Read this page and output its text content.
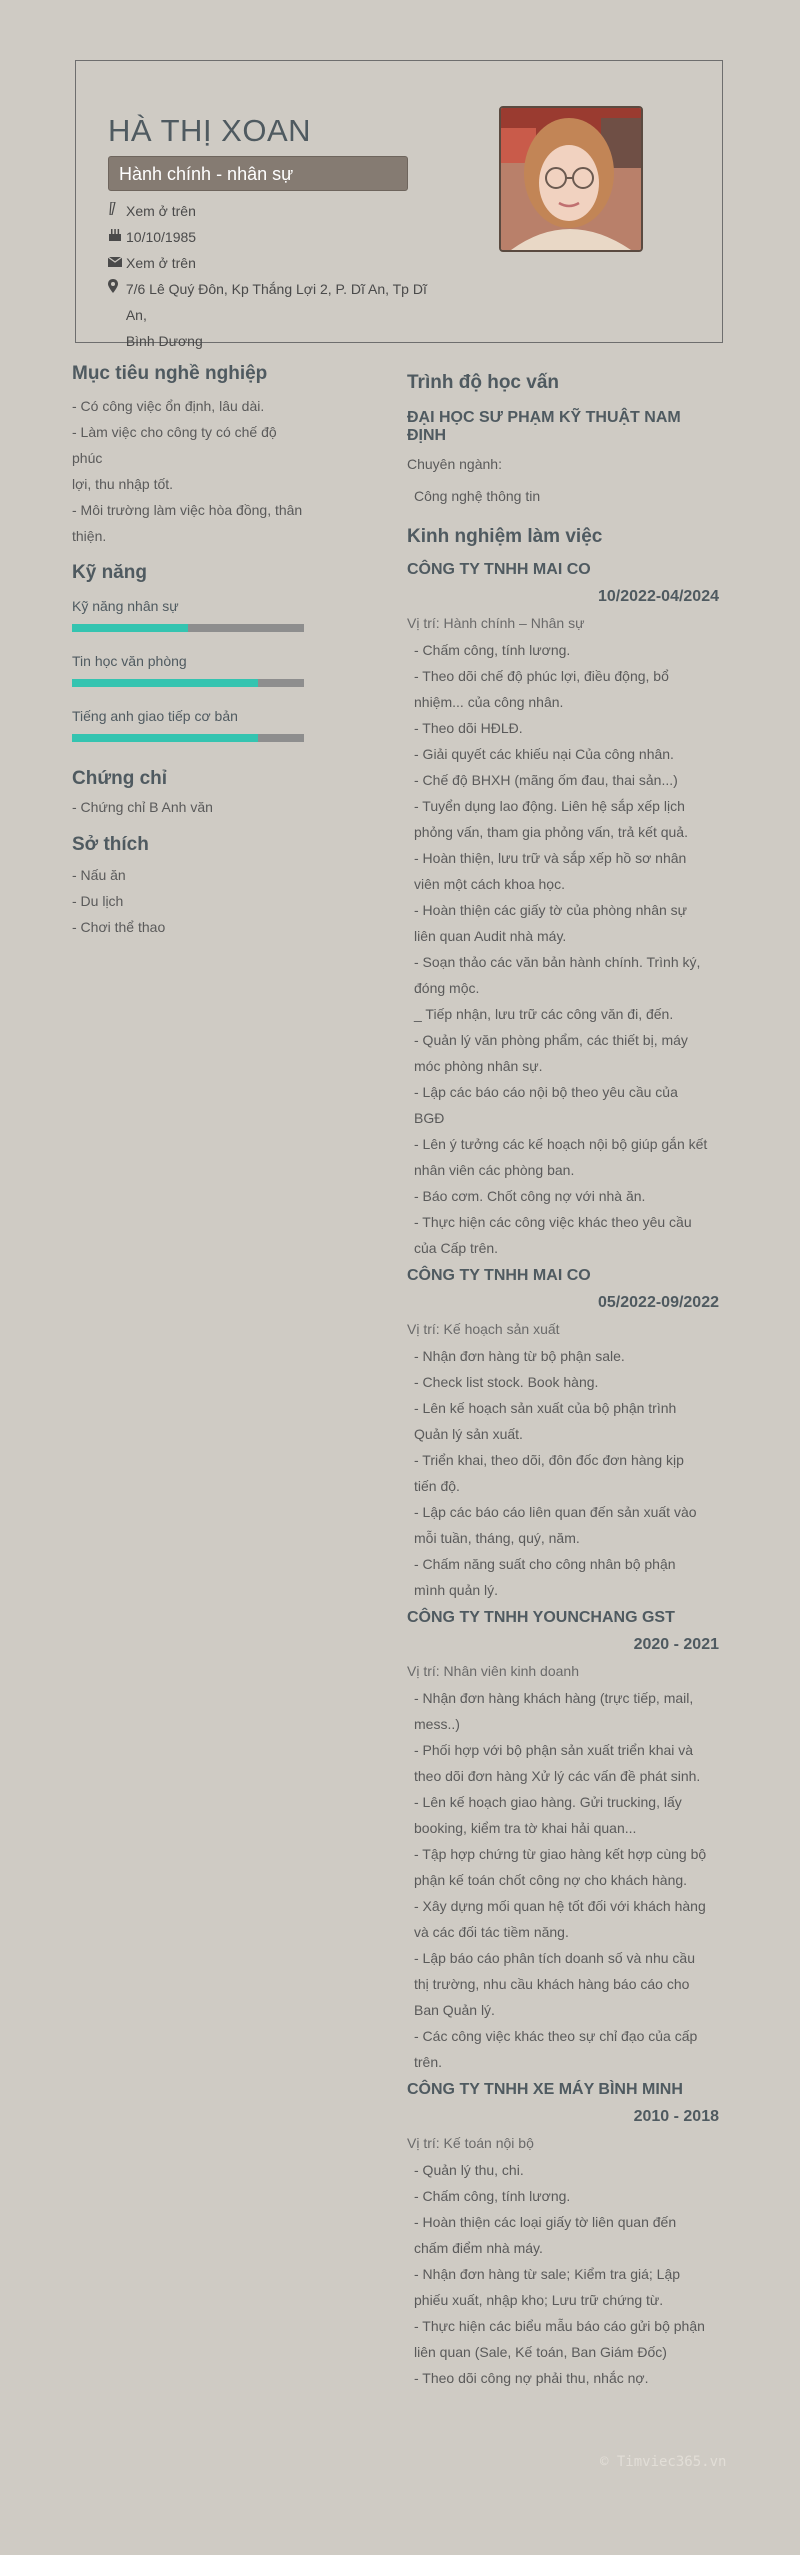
HÀ THỊ XOAN
Hành chính - nhân sự
Xem ở trên
10/10/1985
Xem ở trên
7/6 Lê Quý Đôn, Kp Thắng Lợi 2, P. Dĩ An, Tp Dĩ An,
Bình Dương
Mục tiêu nghề nghiệp
- Có công việc ổn định, lâu dài.
- Làm việc cho công ty có chế độ phúc
lợi, thu nhập tốt.
- Môi trường làm việc hòa đồng, thân
thiện.
Kỹ năng
Kỹ năng nhân sự
Tin học văn phòng
Tiếng anh giao tiếp cơ bản
Chứng chỉ
- Chứng chỉ B Anh văn
Sở thích
- Nấu ăn
- Du lịch
- Chơi thể thao
Trình độ học vấn
ĐẠI HỌC SƯ PHẠM KỸ THUẬT NAM ĐỊNH
Chuyên ngành:
Công nghệ thông tin
Kinh nghiệm làm việc
CÔNG TY TNHH MAI CO
10/2022-04/2024
Vị trí: Hành chính – Nhân sự
- Chấm công, tính lương.
- Theo dõi chế độ phúc lợi, điều động, bổ
nhiệm... của công nhân.
- Theo dõi HĐLĐ.
- Giải quyết các khiếu nại Của công nhân.
- Chế độ BHXH (mãng ốm đau, thai sản...)
- Tuyển dụng lao động. Liên hệ sắp xếp lịch
phỏng vấn, tham gia phỏng vấn, trả kết quả.
- Hoàn thiện, lưu trữ và sắp xếp hồ sơ nhân
viên một cách khoa học.
- Hoàn thiện các giấy tờ của phòng nhân sự
liên quan Audit nhà máy.
- Soạn thảo các văn bản hành chính. Trình ký,
đóng mộc.
_ Tiếp nhận, lưu trữ các công văn đi, đến.
- Quản lý văn phòng phẩm, các thiết bị, máy
móc phòng nhân sự.
- Lập các báo cáo nội bộ theo yêu cầu của
BGĐ
- Lên ý tưởng các kế hoạch nội bộ giúp gắn kết
nhân viên các phòng ban.
- Báo cơm. Chốt công nợ với nhà ăn.
- Thực hiện các công việc khác theo yêu cầu
của Cấp trên.
CÔNG TY TNHH MAI CO
05/2022-09/2022
Vị trí: Kế hoạch sản xuất
- Nhận đơn hàng từ bộ phận sale.
- Check list stock. Book hàng.
- Lên kế hoạch sản xuất của bộ phận trình
Quản lý sản xuất.
- Triển khai, theo dõi, đôn đốc đơn hàng kịp
tiến độ.
- Lập các báo cáo liên quan đến sản xuất vào
mỗi tuần, tháng, quý, năm.
- Chấm năng suất cho công nhân bộ phận
mình quản lý.
CÔNG TY TNHH YOUNCHANG GST
2020 - 2021
Vị trí: Nhân viên kinh doanh
- Nhận đơn hàng khách hàng (trực tiếp, mail,
mess..)
- Phối hợp với bộ phận sản xuất triển khai và
theo dõi đơn hàng Xử lý các vấn đề phát sinh.
- Lên kế hoạch giao hàng. Gửi trucking, lấy
booking, kiểm tra tờ khai hải quan...
- Tập hợp chứng từ giao hàng kết hợp cùng bộ
phận kế toán chốt công nợ cho khách hàng.
- Xây dựng mối quan hệ tốt đối với khách hàng
và các đối tác tiềm năng.
- Lập báo cáo phân tích doanh số và nhu cầu
thị trường, nhu cầu khách hàng báo cáo cho
Ban Quản lý.
- Các công việc khác theo sự chỉ đạo của cấp
trên.
CÔNG TY TNHH XE MÁY BÌNH MINH
2010 - 2018
Vị trí: Kế toán nội bộ
- Quản lý thu, chi.
- Chấm công, tính lương.
- Hoàn thiện các loại giấy tờ liên quan đến
chấm điểm nhà máy.
- Nhận đơn hàng từ sale; Kiểm tra giá; Lập
phiếu xuất, nhập kho; Lưu trữ chứng từ.
- Thực hiện các biểu mẫu báo cáo gửi bộ phận
liên quan (Sale, Kế toán, Ban Giám Đốc)
- Theo dõi công nợ phải thu, nhắc nợ.
© Timviec365.vn
